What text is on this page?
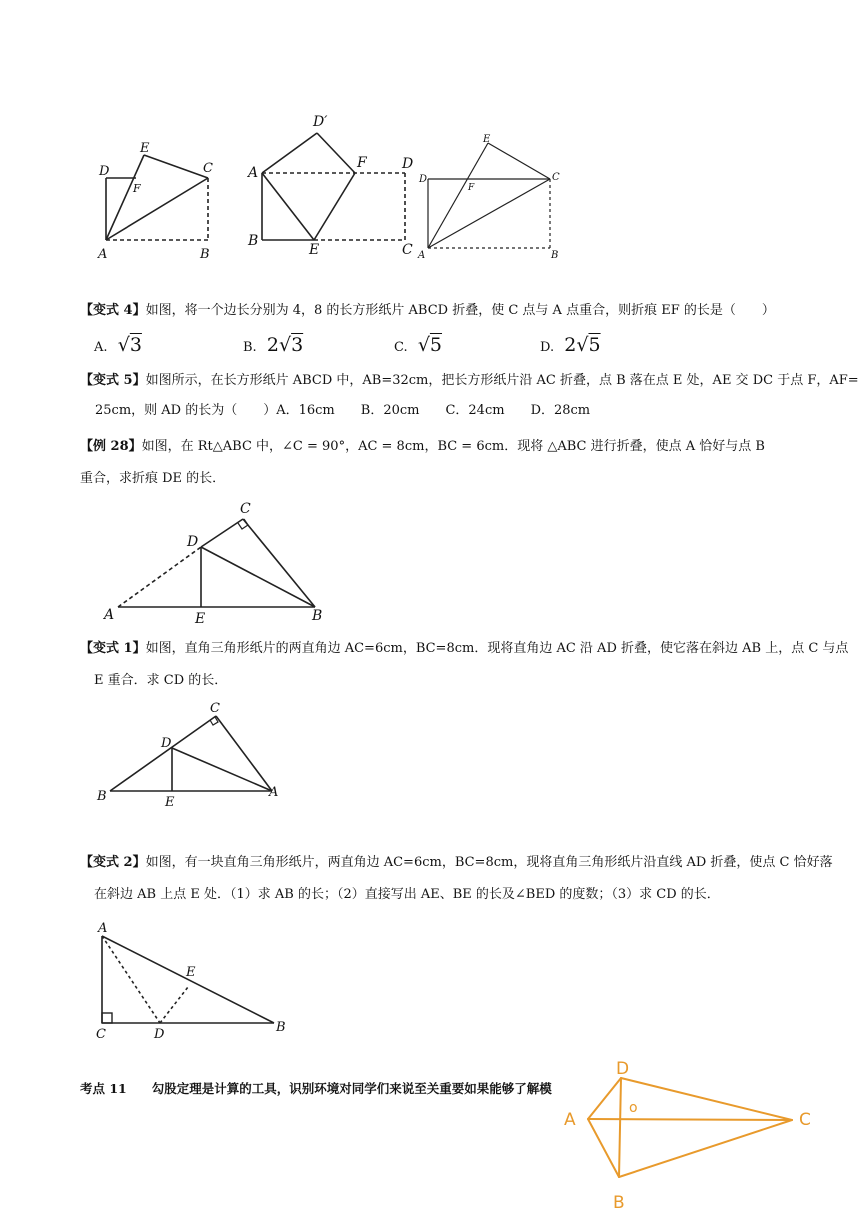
D
E
C
F
A	B
D′
A
F	D
B
E	C
D
E
C
F
A	B
【变式 4】如图，将一个边长分别为 4，8 的长方形纸片 ABCD 折叠，使 C 点与 A 点重合，则折痕 EF 的长是（　　）
A. √3	B. 2√3	C. √5	D. 2√5
【变式 5】如图所示，在长方形纸片 ABCD 中，AB=32cm，把长方形纸片沿 AC 折叠，点 B 落在点 E 处，AE 交 DC 于点 F，AF=
25cm，则 AD 的长为（　　）A．16cm　　B．20cm　　C．24cm　　D．28cm
【例 28】如图，在 Rt△ABC 中，∠C = 90°，AC = 8cm，BC = 6cm．现将 △ABC 进行折叠，使点 A 恰好与点 B
重合，求折痕 DE 的长．
C
D
A	E	B
【变式 1】如图，直角三角形纸片的两直角边 AC=6cm，BC=8cm．现将直角边 AC 沿 AD 折叠，使它落在斜边 AB 上，点 C 与点
E 重合．求 CD 的长．
C
D
B	E
A
【变式 2】如图，有一块直角三角形纸片，两直角边 AC=6cm，BC=8cm，现将直角三角形纸片沿直线 AD 折叠，使点 C 恰好落
在斜边 AB 上点 E 处．（1）求 AB 的长；（2）直接写出 AE、BE 的长及∠BED 的度数；（3）求 CD 的长．
A
E
C	D	B
考点 11　　勾股定理是计算的工具，识别环境对同学们来说至关重要如果能够了解模
D
A
o
C
B
